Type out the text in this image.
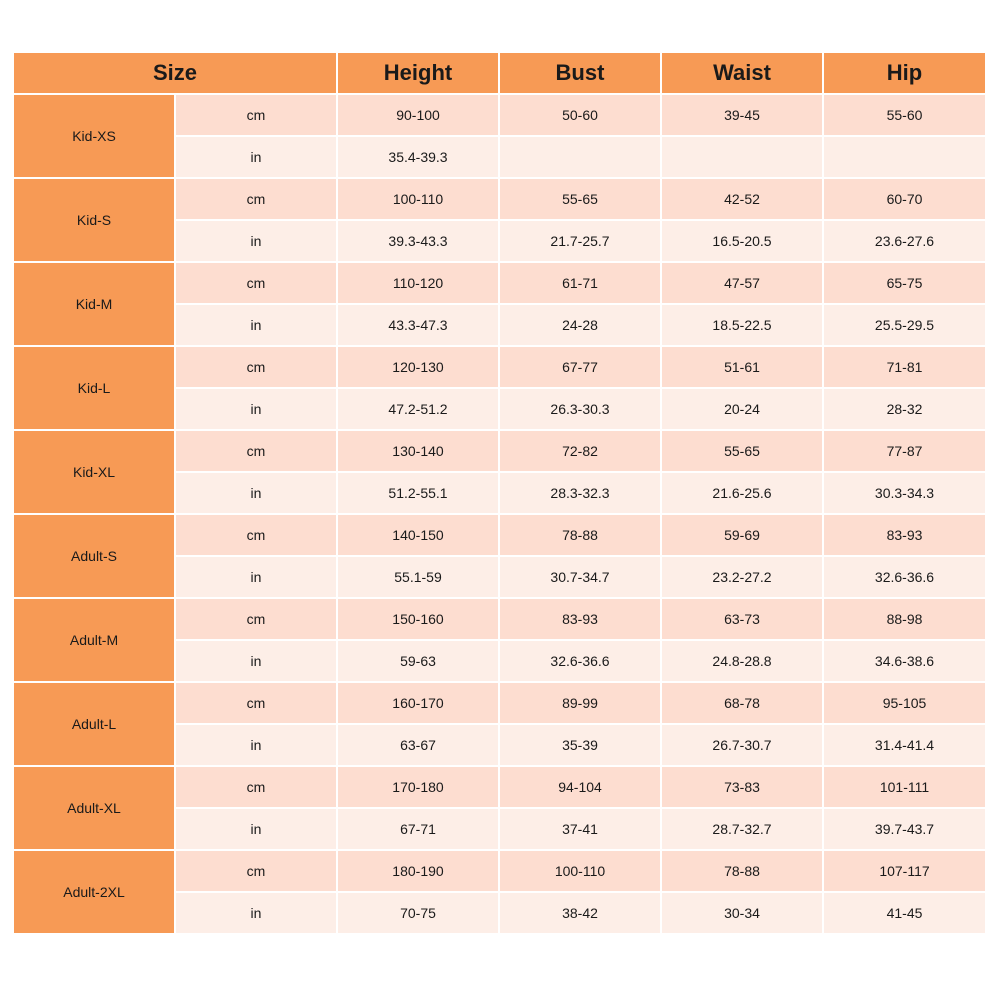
Size		Height	Bust	Waist	Hip
Kid-XS	cm	90-100	50-60	39-45	55-60
	in	35.4-39.3			
Kid-S	cm	100-110	55-65	42-52	60-70
	in	39.3-43.3	21.7-25.7	16.5-20.5	23.6-27.6
Kid-M	cm	110-120	61-71	47-57	65-75
	in	43.3-47.3	24-28	18.5-22.5	25.5-29.5
Kid-L	cm	120-130	67-77	51-61	71-81
	in	47.2-51.2	26.3-30.3	20-24	28-32
Kid-XL	cm	130-140	72-82	55-65	77-87
	in	51.2-55.1	28.3-32.3	21.6-25.6	30.3-34.3
Adult-S	cm	140-150	78-88	59-69	83-93
	in	55.1-59	30.7-34.7	23.2-27.2	32.6-36.6
Adult-M	cm	150-160	83-93	63-73	88-98
	in	59-63	32.6-36.6	24.8-28.8	34.6-38.6
Adult-L	cm	160-170	89-99	68-78	95-105
	in	63-67	35-39	26.7-30.7	31.4-41.4
Adult-XL	cm	170-180	94-104	73-83	101-111
	in	67-71	37-41	28.7-32.7	39.7-43.7
Adult-2XL	cm	180-190	100-110	78-88	107-117
	in	70-75	38-42	30-34	41-45
